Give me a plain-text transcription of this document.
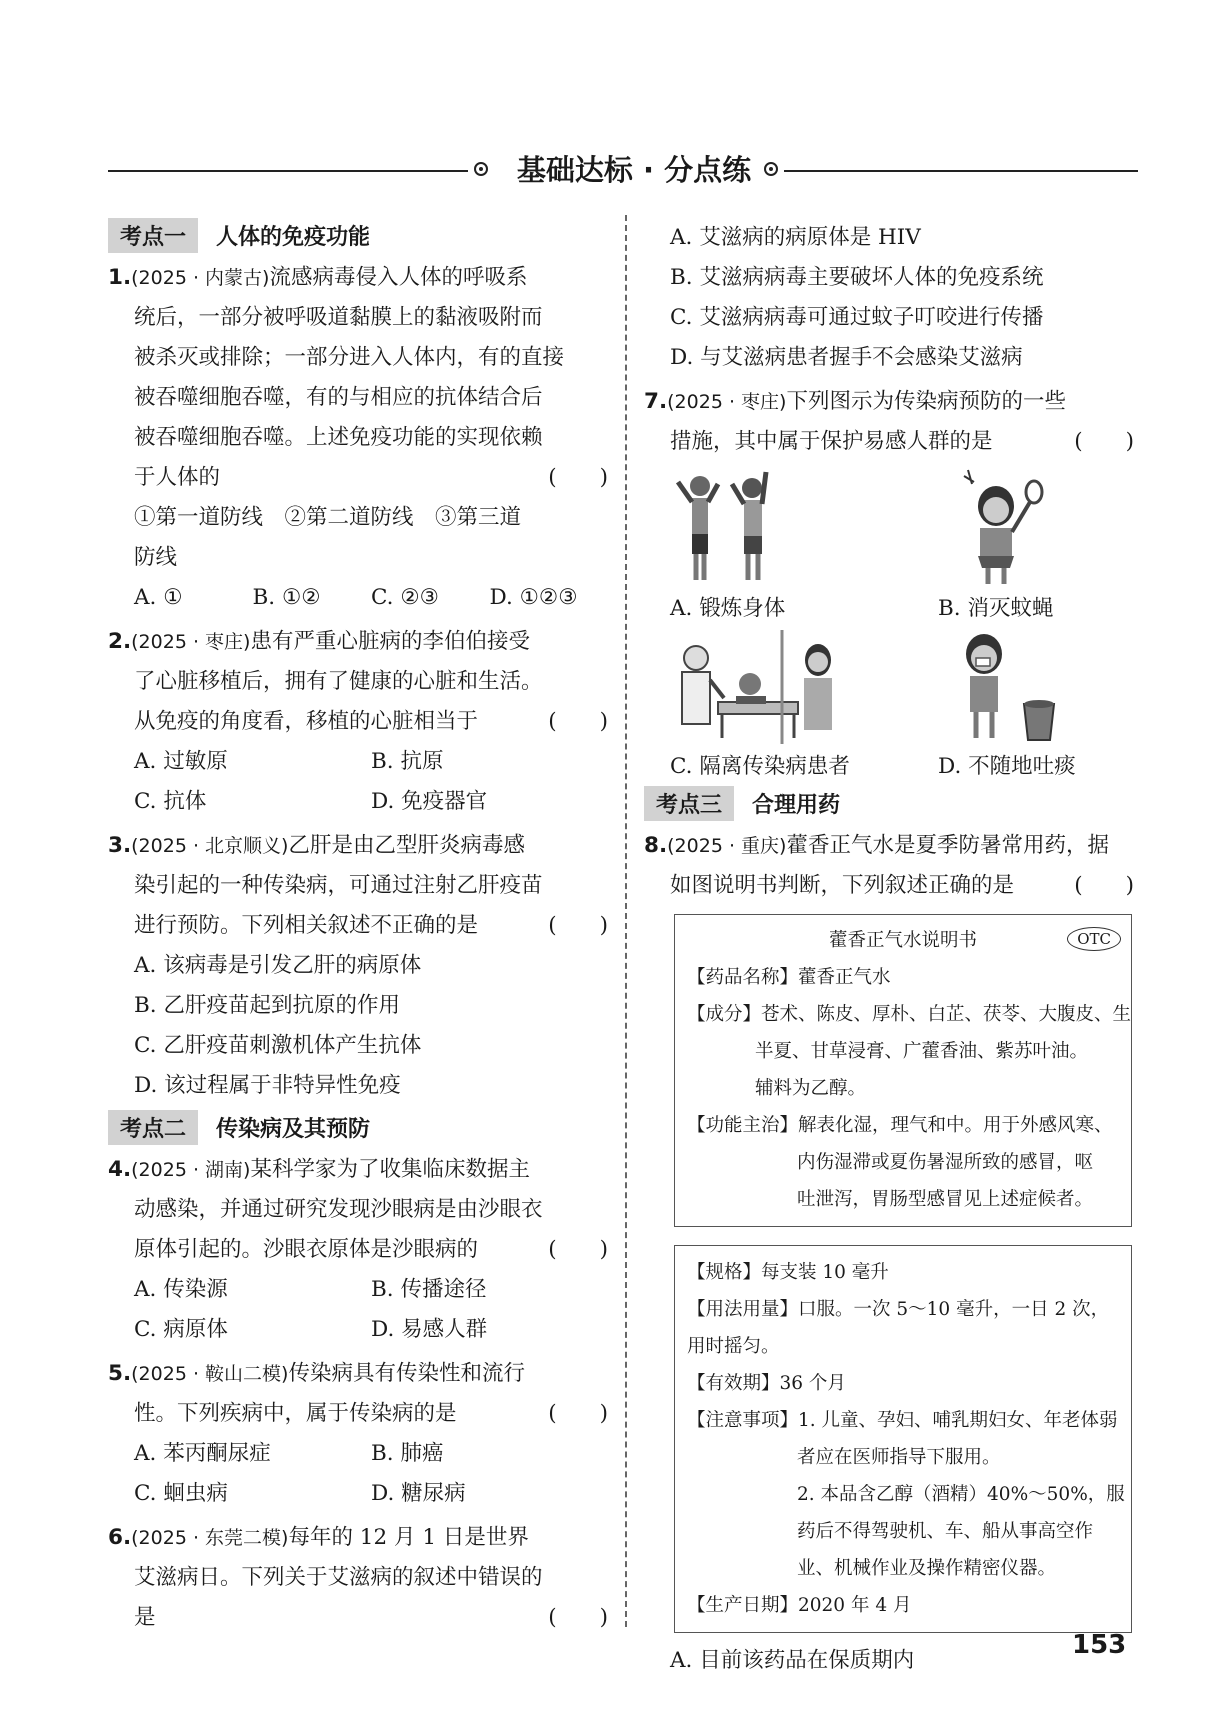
基础达标 · 分点练
考点一	人体的免疫功能
1.(2025 · 内蒙古)流感病毒侵入人体的呼吸系
统后，一部分被呼吸道黏膜上的黏液吸附而
被杀灭或排除；一部分进入人体内，有的直接
被吞噬细胞吞噬，有的与相应的抗体结合后
被吞噬细胞吞噬。上述免疫功能的实现依赖
于人体的	(　　)
①第一道防线　②第二道防线　③第三道
防线
A. ①	B. ①②	C. ②③	D. ①②③
2.(2025 · 枣庄)患有严重心脏病的李伯伯接受
了心脏移植后，拥有了健康的心脏和生活。
从免疫的角度看，移植的心脏相当于	(　　)
A. 过敏原	B. 抗原
C. 抗体	D. 免疫器官
3.(2025 · 北京顺义)乙肝是由乙型肝炎病毒感
染引起的一种传染病，可通过注射乙肝疫苗
进行预防。下列相关叙述不正确的是	(　　)
A. 该病毒是引发乙肝的病原体
B. 乙肝疫苗起到抗原的作用
C. 乙肝疫苗刺激机体产生抗体
D. 该过程属于非特异性免疫
考点二	传染病及其预防
4.(2025 · 湖南)某科学家为了收集临床数据主
动感染，并通过研究发现沙眼病是由沙眼衣
原体引起的。沙眼衣原体是沙眼病的	(　　)
A. 传染源	B. 传播途径
C. 病原体	D. 易感人群
5.(2025 · 鞍山二模)传染病具有传染性和流行
性。下列疾病中，属于传染病的是	(　　)
A. 苯丙酮尿症	B. 肺癌
C. 蛔虫病	D. 糖尿病
6.(2025 · 东莞二模)每年的 12 月 1 日是世界
艾滋病日。下列关于艾滋病的叙述中错误的
是	(　　)
A. 艾滋病的病原体是 HIV
B. 艾滋病病毒主要破坏人体的免疫系统
C. 艾滋病病毒可通过蚊子叮咬进行传播
D. 与艾滋病患者握手不会感染艾滋病
7.(2025 · 枣庄)下列图示为传染病预防的一些
措施，其中属于保护易感人群的是	(　　)
A. 锻炼身体	B. 消灭蚊蝇
C. 隔离传染病患者	D. 不随地吐痰
考点三	合理用药
8.(2025 · 重庆)藿香正气水是夏季防暑常用药，据
如图说明书判断，下列叙述正确的是	(　　)
藿香正气水说明书	OTC
【药品名称】藿香正气水
【成分】苍术、陈皮、厚朴、白芷、茯苓、大腹皮、生
半夏、甘草浸膏、广藿香油、紫苏叶油。
辅料为乙醇。
【功能主治】解表化湿，理气和中。用于外感风寒、
内伤湿滞或夏伤暑湿所致的感冒，呕
吐泄泻，胃肠型感冒见上述症候者。
【规格】每支装 10 毫升
【用法用量】口服。一次 5～10 毫升，一日 2 次，
用时摇匀。
【有效期】36 个月
【注意事项】1. 儿童、孕妇、哺乳期妇女、年老体弱
者应在医师指导下服用。
2. 本品含乙醇（酒精）40%～50%，服
药后不得驾驶机、车、船从事高空作
业、机械作业及操作精密仪器。
【生产日期】2020 年 4 月
A. 目前该药品在保质期内
153
